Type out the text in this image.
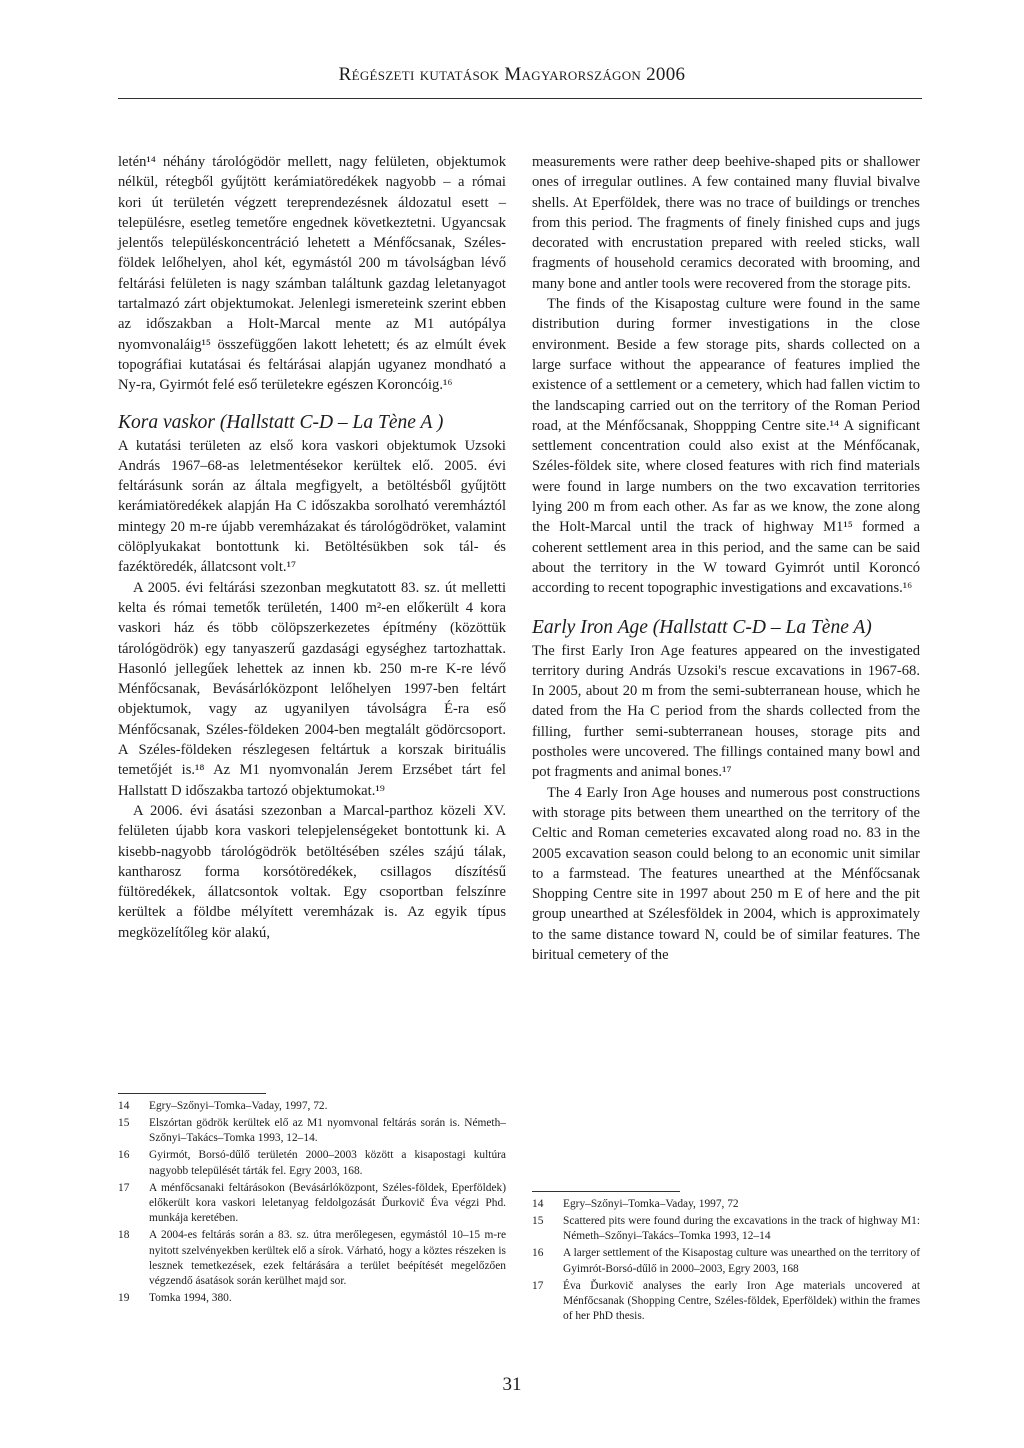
Régészeti kutatások Magyarországon 2006

letén¹⁴ néhány tárológödör mellett, nagy felületen, objektumok nélkül, rétegből gyűjtött kerámiatöredékek nagyobb – a római kori út területén végzett tereprendezésnek áldozatul esett – településre, esetleg temetőre engednek következtetni. Ugyancsak jelentős településkoncentráció lehetett a Ménfőcsanak, Széles-földek lelőhelyen, ahol két, egymástól 200 m távolságban lévő feltárási felületen is nagy számban találtunk gazdag leletanyagot tartalmazó zárt objektumokat. Jelenlegi ismereteink szerint ebben az időszakban a Holt-Marcal mente az M1 autópálya nyomvonaláig¹⁵ összefüggően lakott lehetett; és az elmúlt évek topográfiai kutatásai és feltárásai alapján ugyanez mondható a Ny-ra, Gyirmót felé eső területekre egészen Koroncóig.¹⁶

Kora vaskor (Hallstatt C-D – La Tène A )

A kutatási területen az első kora vaskori objektumok Uzsoki András 1967–68-as leletmentésekor kerültek elő. 2005. évi feltárásunk során az általa megfigyelt, a betöltésből gyűjtött kerámiatöredékek alapján Ha C időszakba sorolható veremháztól mintegy 20 m-re újabb veremházakat és tárológödröket, valamint cölöplyukakat bontottunk ki. Betöltésükben sok tál- és fazéktöredék, állatcsont volt.¹⁷

A 2005. évi feltárási szezonban megkutatott 83. sz. út melletti kelta és római temetők területén, 1400 m²-en előkerült 4 kora vaskori ház és több cölöpszerkezetes építmény (közöttük tárológödrök) egy tanyaszerű gazdasági egységhez tartozhattak. Hasonló jellegűek lehettek az innen kb. 250 m-re K-re lévő Ménfőcsanak, Bevásárlóközpont lelőhelyen 1997-ben feltárt objektumok, vagy az ugyanilyen távolságra É-ra eső Ménfőcsanak, Széles-földeken 2004-ben megtalált gödörcsoport. A Széles-földeken részlegesen feltártuk a korszak birituális temetőjét is.¹⁸ Az M1 nyomvonalán Jerem Erzsébet tárt fel Hallstatt D időszakba tartozó objektumokat.¹⁹

A 2006. évi ásatási szezonban a Marcal-parthoz közeli XV. felületen újabb kora vaskori telepjelenségeket bontottunk ki. A kisebb-nagyobb tárológödrök betöltésében széles szájú tálak, kantharosz forma korsótöredékek, csillagos díszítésű fültöredékek, állatcsontok voltak. Egy csoportban felszínre kerültek a földbe mélyített veremházak is. Az egyik típus megközelítőleg kör alakú,

measurements were rather deep beehive-shaped pits or shallower ones of irregular outlines. A few contained many fluvial bivalve shells. At Eperföldek, there was no trace of buildings or trenches from this period. The fragments of finely finished cups and jugs decorated with encrustation prepared with reeled sticks, wall fragments of household ceramics decorated with brooming, and many bone and antler tools were recovered from the storage pits.

The finds of the Kisapostag culture were found in the same distribution during former investigations in the close environment. Beside a few storage pits, shards collected on a large surface without the appearance of features implied the existence of a settlement or a cemetery, which had fallen victim to the landscaping carried out on the territory of the Roman Period road, at the Ménfőcsanak, Shoppping Centre site.¹⁴ A significant settlement concentration could also exist at the Ménfőcanak, Széles-földek site, where closed features with rich find materials were found in large numbers on the two excavation territories lying 200 m from each other. As far as we know, the zone along the Holt-Marcal until the track of highway M1¹⁵ formed a coherent settlement area in this period, and the same can be said about the territory in the W toward Gyimrót until Koroncó according to recent topographic investigations and excavations.¹⁶

Early Iron Age (Hallstatt C-D – La Tène A)

The first Early Iron Age features appeared on the investigated territory during András Uzsoki's rescue excavations in 1967-68. In 2005, about 20 m from the semi-subterranean house, which he dated from the Ha C period from the shards collected from the filling, further semi-subterranean houses, storage pits and postholes were uncovered. The fillings contained many bowl and pot fragments and animal bones.¹⁷

The 4 Early Iron Age houses and numerous post constructions with storage pits between them unearthed on the territory of the Celtic and Roman cemeteries excavated along road no. 83 in the 2005 excavation season could belong to an economic unit similar to a farmstead. The features unearthed at the Ménfőcsanak Shopping Centre site in 1997 about 250 m E of here and the pit group unearthed at Szélesföldek in 2004, which is approximately to the same distance toward N, could be of similar features. The biritual cemetery of the

14	Egry–Szőnyi–Tomka–Vaday, 1997, 72.
15	Elszórtan gödrök kerültek elő az M1 nyomvonal feltárás során is. Németh–Szőnyi–Takács–Tomka 1993, 12–14.
16	Gyirmót, Borsó-dűlő területén 2000–2003 között a kisapostagi kultúra nagyobb települését tárták fel. Egry 2003, 168.
17	A ménfőcsanaki feltárásokon (Bevásárlóközpont, Széles-földek, Eperföldek) előkerült kora vaskori leletanyag feldolgozását Ďurkovič Éva végzi Phd. munkája keretében.
18	A 2004-es feltárás során a 83. sz. útra merőlegesen, egymástól 10–15 m-re nyitott szelvényekben kerültek elő a sírok. Várható, hogy a köztes részeken is lesznek temetkezések, ezek feltárására a terület beépítését megelőzően végzendő ásatások során kerülhet majd sor.
19	Tomka 1994, 380.
14	Egry–Szőnyi–Tomka–Vaday, 1997, 72
15	Scattered pits were found during the excavations in the track of highway M1: Németh–Szőnyi–Takács–Tomka 1993, 12–14
16	A larger settlement of the Kisapostag culture was unearthed on the territory of Gyimrót-Borsó-dűlő in 2000–2003, Egry 2003, 168
17	Éva Ďurkovič analyses the early Iron Age materials uncovered at Ménfőcsanak (Shopping Centre, Széles-földek, Eperföldek) within the frames of her PhD thesis.
31
